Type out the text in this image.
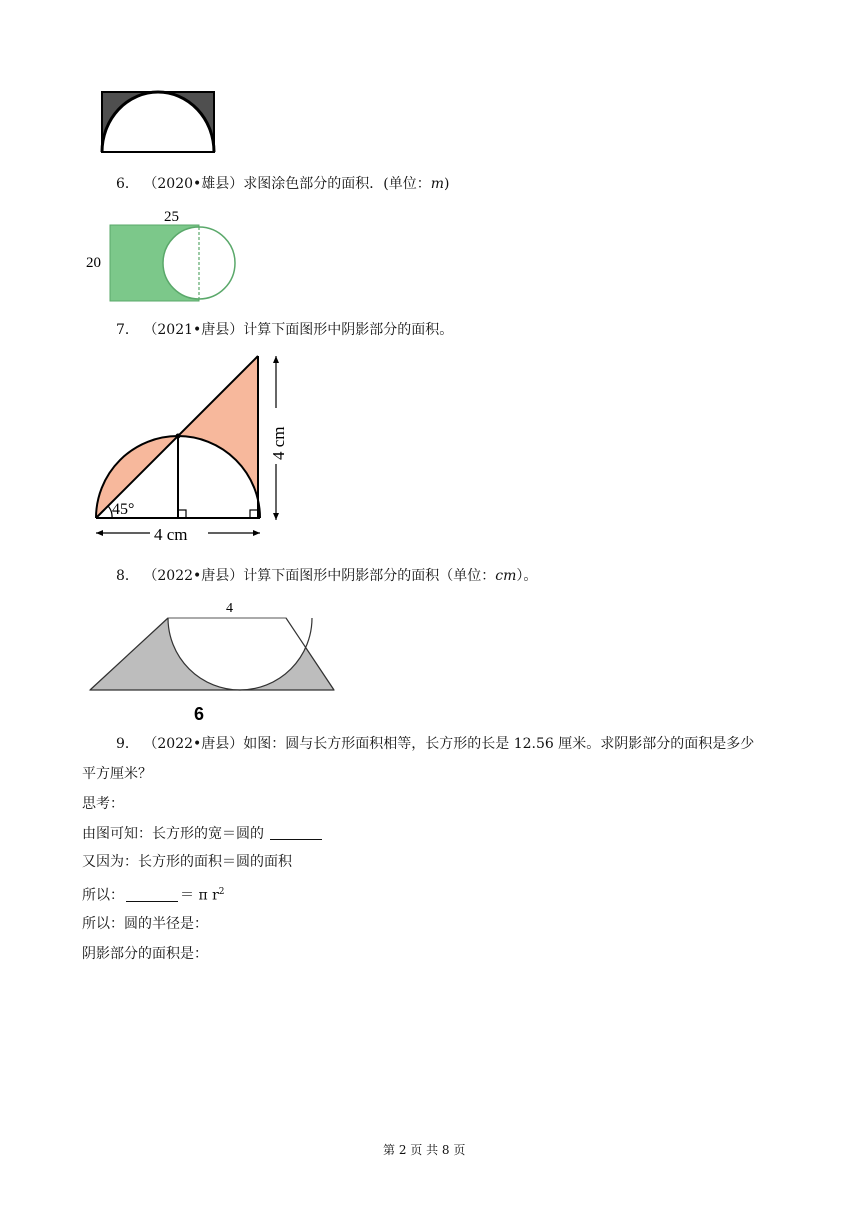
6． （2020•雄县）求图涂色部分的面积．(单位：m)
25
20
7． （2021•唐县）计算下面图形中阴影部分的面积。
45°
4 cm
4 cm
8． （2022•唐县）计算下面图形中阴影部分的面积（单位：cm）。
4
6
9． （2022•唐县）如图：圆与长方形面积相等，长方形的长是 12.56 厘米。求阴影部分的面积是多少
平方厘米？
思考：
由图可知：长方形的宽＝圆的
又因为：长方形的面积＝圆的面积
所以：	＝ π $r^2$
所以：圆的半径是：
阴影部分的面积是：
第 2 页 共 8 页
